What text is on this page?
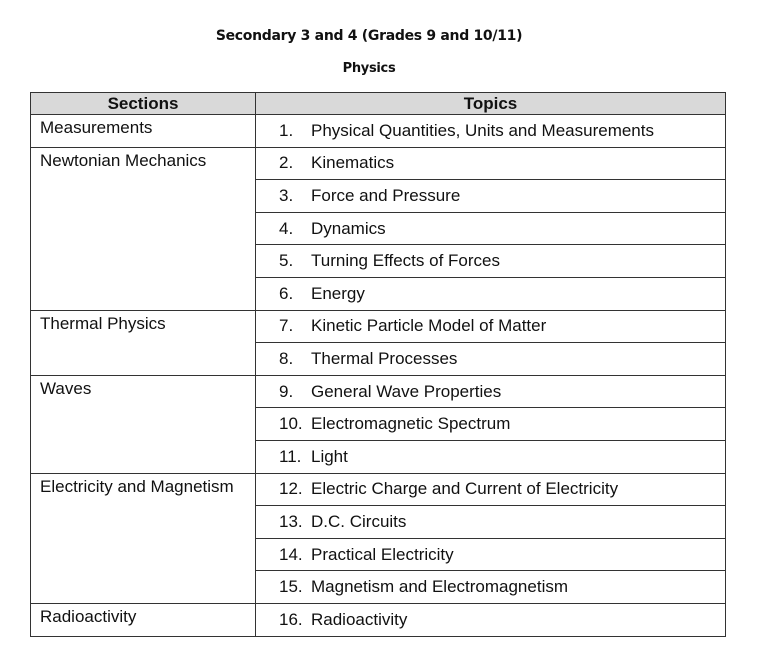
Secondary 3 and 4 (Grades 9 and 10/11)
Physics
Sections	Topics
Measurements	1. Physical Quantities, Units and Measurements
Newtonian Mechanics	2. Kinematics
	3. Force and Pressure
	4. Dynamics
	5. Turning Effects of Forces
	6. Energy
Thermal Physics	7. Kinetic Particle Model of Matter
	8. Thermal Processes
Waves	9. General Wave Properties
	10. Electromagnetic Spectrum
	11. Light
Electricity and Magnetism	12. Electric Charge and Current of Electricity
	13. D.C. Circuits
	14. Practical Electricity
	15. Magnetism and Electromagnetism
Radioactivity	16. Radioactivity
